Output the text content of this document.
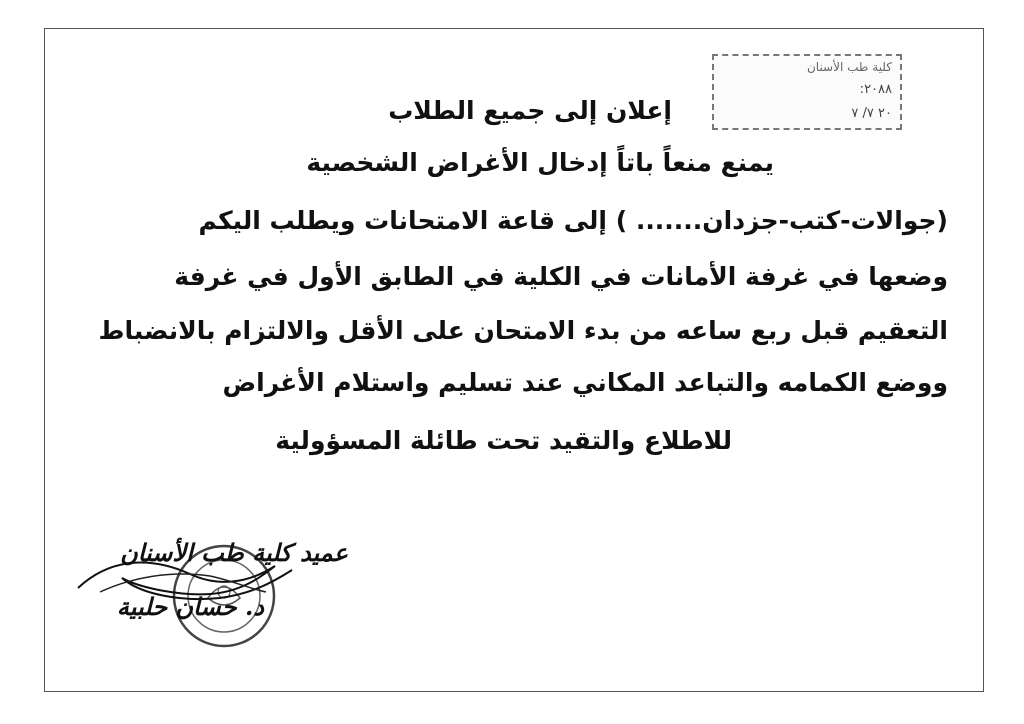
كلية طب الأسنان
٢٠٨٨:
٢٠ ٧/ ٧
إعلان إلى جميع الطلاب
يمنع منعاً باتاً إدخال الأغراض الشخصية
(جوالات-كتب-جزدان....... ) إلى قاعة الامتحانات ويطلب اليكم
وضعها في غرفة الأمانات في الكلية في الطابق الأول في غرفة
التعقيم قبل ربع ساعه من بدء الامتحان على الأقل والالتزام بالانضباط
ووضع الكمامه والتباعد المكاني عند تسليم واستلام الأغراض
للاطلاع والتقيد تحت طائلة المسؤولية
عميد كلية طب الأسنان
د. حسان حلبية
